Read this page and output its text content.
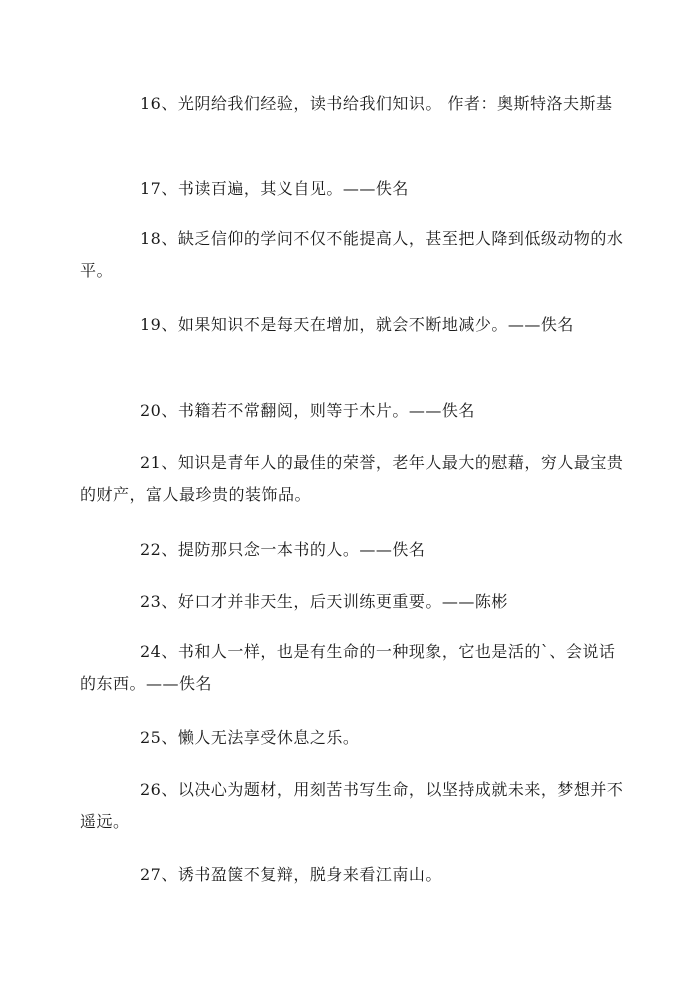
16、光阴给我们经验，读书给我们知识。 作者：奥斯特洛夫斯基

17、书读百遍，其义自见。——佚名

18、缺乏信仰的学问不仅不能提高人，甚至把人降到低级动物的水平。

19、如果知识不是每天在增加，就会不断地减少。——佚名

20、书籍若不常翻阅，则等于木片。——佚名

21、知识是青年人的最佳的荣誉，老年人最大的慰藉，穷人最宝贵的财产，富人最珍贵的装饰品。

22、提防那只念一本书的人。——佚名

23、好口才并非天生，后天训练更重要。——陈彬

24、书和人一样，也是有生命的一种现象，它也是活的`、会说话的东西。——佚名

25、懒人无法享受休息之乐。

26、以决心为题材，用刻苦书写生命，以坚持成就未来，梦想并不遥远。

27、诱书盈箧不复辩，脱身来看江南山。
